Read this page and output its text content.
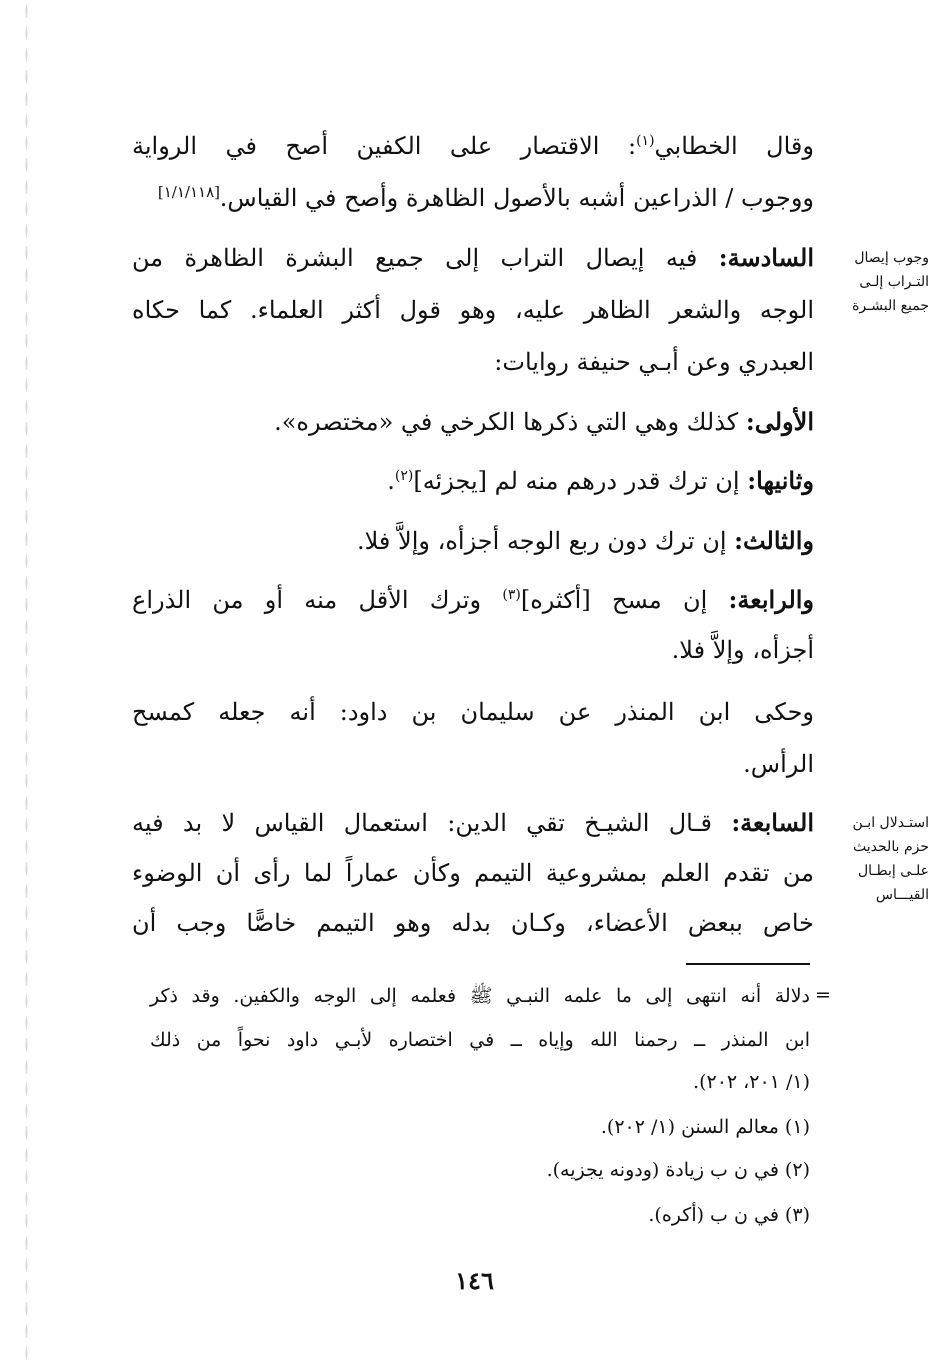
وقال الخطابي$^{(١)}$: الاقتصار على الكفين أصح في الرواية
ووجوب / الذراعين أشبه بالأصول الظاهرة وأصح في القياس.
[١/١/١١٨]
السادسة: فيه إيصال التراب إلى جميع البشرة الظاهرة من
الوجه والشعر الظاهر عليه، وهو قول أكثر العلماء. كما حكاه
العبدري وعن أبـي حنيفة روايات:
وجوب إيصال
التـراب إلـى
جميع البشـرة
الأولى: كذلك وهي التي ذكرها الكرخي في «مختصره».
وثانيها: إن ترك قدر درهم منه لم [يجزئه]$^{(٢)}$.
والثالث: إن ترك دون ربع الوجه أجزأه، وإلاَّ فلا.
والرابعة: إن مسح [أكثره]$^{(٣)}$ وترك الأقل منه أو من الذراع
أجزأه، وإلاَّ فلا.
وحكى ابن المنذر عن سليمان بن داود: أنه جعله كمسح
الرأس.
السابعة: قـال الشيـخ تقي الدين: استعمال القياس لا بد فيه
من تقدم العلم بمشروعية التيمم وكأن عماراً لما رأى أن الوضوء
خاص ببعض الأعضاء، وكـان بدله وهو التيمم خاصًّا وجب أن
استـدلال ابـن
حزم بالحديث
علـى إبطـال
القيـــاس
=
دلالة أنه انتهى إلى ما علمه النبـي ﷺ فعلمه إلى الوجه والكفين. وقد ذكر
ابن المنذر ــ رحمنا الله وإياه ــ في اختصاره لأبـي داود نحواً من ذلك
(١/ ٢٠١، ٢٠٢).
(١) معالم السنن (١/ ٢٠٢).
(٢) في ن ب زيادة (ودونه يجزيه).
(٣) في ن ب (أكره).
١٤٦
